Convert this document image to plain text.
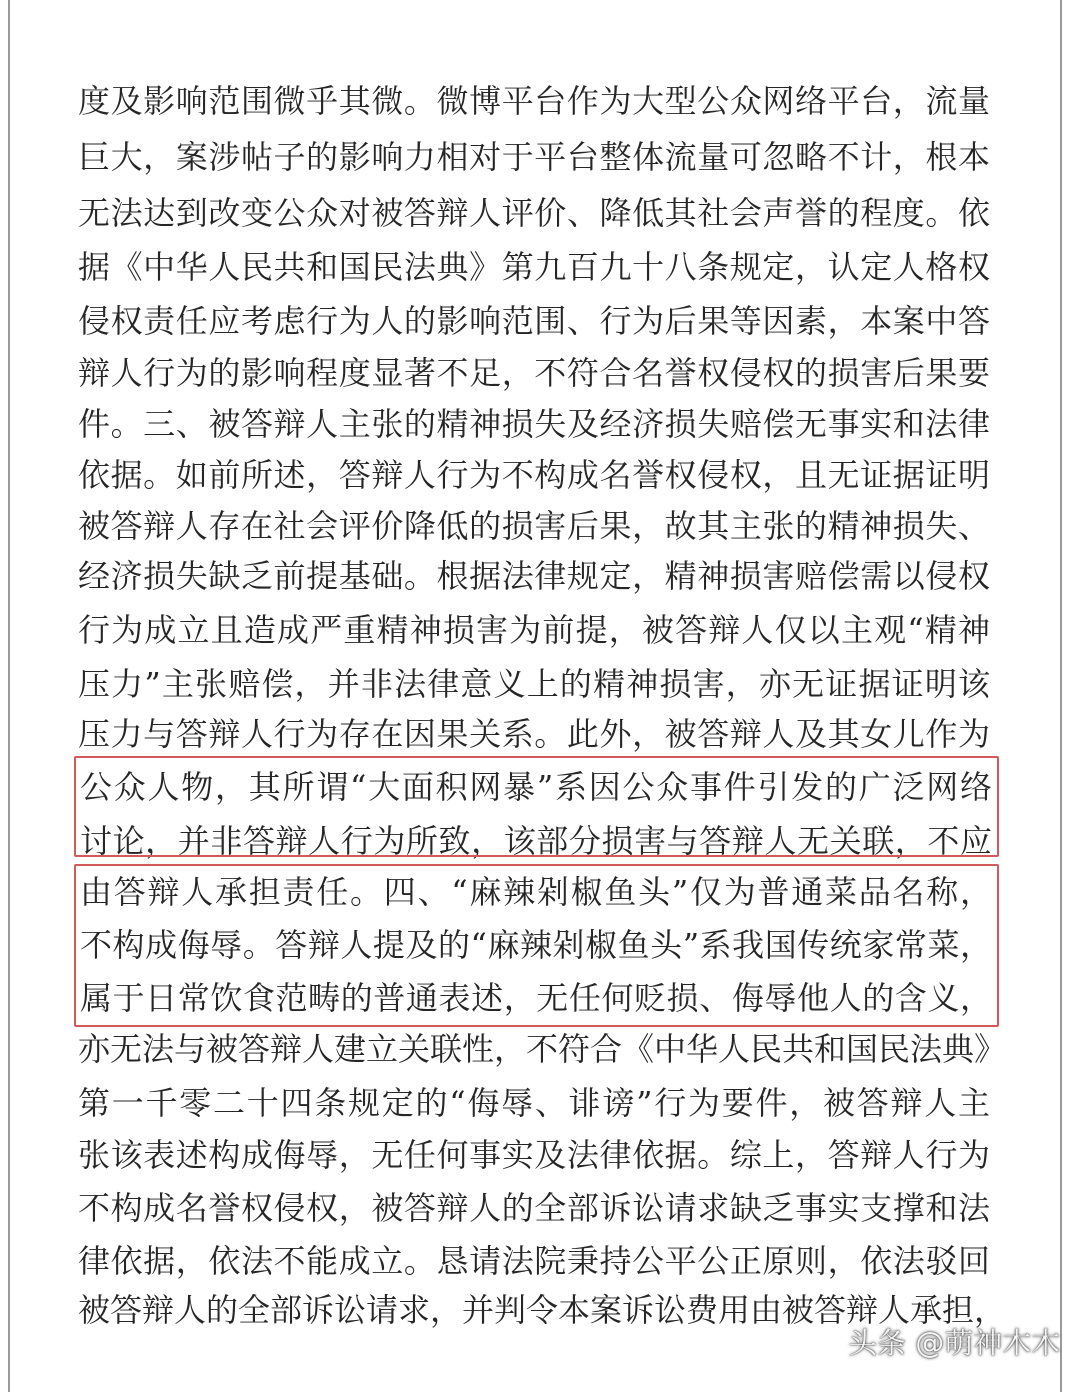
度及影响范围微乎其微。微博平台作为大型公众网络平台，流量
巨大，案涉帖子的影响力相对于平台整体流量可忽略不计，根本
无法达到改变公众对被答辩人评价、降低其社会声誉的程度。依
据《中华人民共和国民法典》第九百九十八条规定，认定人格权
侵权责任应考虑行为人的影响范围、行为后果等因素，本案中答
辩人行为的影响程度显著不足，不符合名誉权侵权的损害后果要
件。三、被答辩人主张的精神损失及经济损失赔偿无事实和法律
依据。如前所述，答辩人行为不构成名誉权侵权，且无证据证明
被答辩人存在社会评价降低的损害后果，故其主张的精神损失、
经济损失缺乏前提基础。根据法律规定，精神损害赔偿需以侵权
行为成立且造成严重精神损害为前提，被答辩人仅以主观“精神
压力”主张赔偿，并非法律意义上的精神损害，亦无证据证明该
压力与答辩人行为存在因果关系。此外，被答辩人及其女儿作为
公众人物，其所谓“大面积网暴”系因公众事件引发的广泛网络
讨论，并非答辩人行为所致，该部分损害与答辩人无关联，不应
由答辩人承担责任。四、“麻辣剁椒鱼头”仅为普通菜品名称，
不构成侮辱。答辩人提及的“麻辣剁椒鱼头”系我国传统家常菜，
属于日常饮食范畴的普通表述，无任何贬损、侮辱他人的含义，
亦无法与被答辩人建立关联性，不符合《中华人民共和国民法典》
第一千零二十四条规定的“侮辱、诽谤”行为要件，被答辩人主
张该表述构成侮辱，无任何事实及法律依据。综上，答辩人行为
不构成名誉权侵权，被答辩人的全部诉讼请求缺乏事实支撑和法
律依据，依法不能成立。恳请法院秉持公平公正原则，依法驳回
被答辩人的全部诉讼请求，并判令本案诉讼费用由被答辩人承担，
头条 @萌神木木
